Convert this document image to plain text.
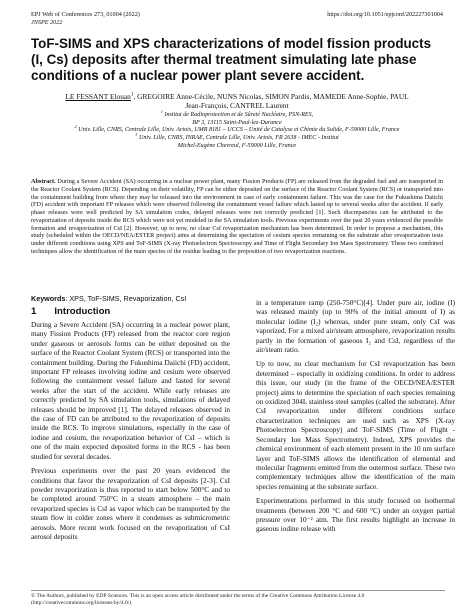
EPJ Web of Conferences 273, 01004 (2022)
JNSPE 2022
https://doi.org/10.1051/epjconf/202227301004
ToF-SIMS and XPS characterizations of model fission products (I, Cs) deposits after thermal treatment simulating late phase conditions of a nuclear power plant severe accident.
LE FESSANT Elouan$^1$, GREGOIRE Anne-Cécile, NUNS Nicolas, SIMON Pardis, MAMEDE Anne-Sophie, PAUL
Jean-François, CANTREL Laurent
$^1$ Institut de Radioprotection et de Sûreté Nucléaire, PSN-RES,
BP 3, 13115 Saint-Paul-lez-Durance
$^2$ Univ. Lille, CNRS, Centrale Lille, Univ. Artois, UMR 8181 – UCCS – Unité de Catalyse et Chimie du Solide, F-59000 Lille, France
$^3$ Univ. Lille, CNRS, INRAE, Centrale Lille, Univ. Artois, FR 2638 - IMEC - Institut
Michel-Eugène Chevreul, F-59000 Lille, France

Abstract. During a Severe Accident (SA) occurring in a nuclear power plant, many Fission Products (FP) are released from the degraded fuel and are transported in the Reactor Coolant System (RCS). Depending on their volatility, FP can be either deposited on the surface of the Reactor Coolant System (RCS) or transported into the containment building from where they may be released into the environment in case of early containment failure. This was the case for the Fukushima Daiichi (FD) accident with important FP releases which were observed following the containment vessel failure which lasted up to several weeks after the accident. If early phase releases were well predicted by SA simulation codes, delayed releases were not correctly predicted [1]. Such discrepancies can be attributed to the revaporization of deposits inside the RCS which were not yet modeled in the SA simulation tools. Previous experiments over the past 20 years evidenced the possible formation and revaporization of CsI [2]. However, up to now, no clear CsI revaporization mechanism has been determined. In order to propose a mechanism, this study (scheduled within the OECD/NEA/ESTER project) aims at determining the speciation of cesium species remaining on the substrate after revaporization tests under different conditions using XPS and ToF-SIMS (X-ray Photoelectron Spectroscopy and Time of Flight Secondary Ion Mass Spectrometry. These two combined techniques allow the identification of the main species of the residue leading to the proposition of two revaporization reactions.

Keywords: XPS, ToF-SIMS, Revaporization, CsI
1 Introduction

During a Severe Accident (SA) occurring in a nuclear power plant, many Fission Products (FP) released from the reactor core region under gaseous or aerosols forms can be either deposited on the surface of the Reactor Coolant System (RCS) or transported into the containment building. During the Fukushima Daiichi (FD) accident, important FP releases involving iodine and cesium were observed following the containment vessel failure and lasted for several weeks after the start of the accident. While early releases are correctly predicted by SA simulation tools, simulations of delayed releases should be improved [1]. The delayed releases observed in the case of FD can be attributed to the revaporization of deposits inside the RCS. To improve simulations, especially in the case of iodine and cesium, the revaporization behavior of CsI – which is one of the main expected deposited forms in the RCS - has been studied for several decades.

Previous experiments over the past 20 years evidenced the conditions that favor the revaporization of CsI deposits [2-3]. CsI powder revaporization is thus reported to start below 500°C and to be completed around 750°C in a steam atmosphere – the main revaporized species is CsI as vapor which can be transported by the steam flow in colder zones where it condenses as submicrometric aerosols. More recent work focused on the revaporization of CsI aerosol deposits

in a temperature ramp (250-750°C)[4]. Under pure air, iodine (I) was released mainly (up to 90% of the initial amount of I) as molecular iodine (I₂) whereas, under pure steam, only CsI was vaporized. For a mixed air/steam atmosphere, revaporization results partly in the formation of gaseous I₂ and CsI, regardless of the air/steam ratio.

Up to now, no clear mechanism for CsI revaporization has been determined – especially in oxidizing conditions. In order to address this issue, our study (in the frame of the OECD/NEA/ESTER project) aims to determine the speciation of each species remaining on oxidized 304L stainless steel samples (called the substrate). After CsI revaporization under different conditions surface characterization techniques are used such as XPS (X-ray Photoelectron Spectroscopy) and ToF-SIMS (Time of Flight - Secondary Ion Mass Spectrometry). Indeed, XPS provides the chemical environment of each element present in the 10 nm surface layer and ToF-SIMS allows the identification of elemental and molecular fragments emitted from the outermost surface. These two complementary techniques allow the identification of the main species remaining at the substrate surface.

Experimentations performed in this study focused on isothermal treatments (between 200 °C and 600 °C) under an oxygen partial pressure over 10⁻² atm. The first results highlight an increase in gaseous iodine release with

© The Authors, published by EDP Sciences. This is an open access article distributed under the terms of the Creative Commons Attribution License 4.0 (http://creativecommons.org/licenses/by/4.0/).
